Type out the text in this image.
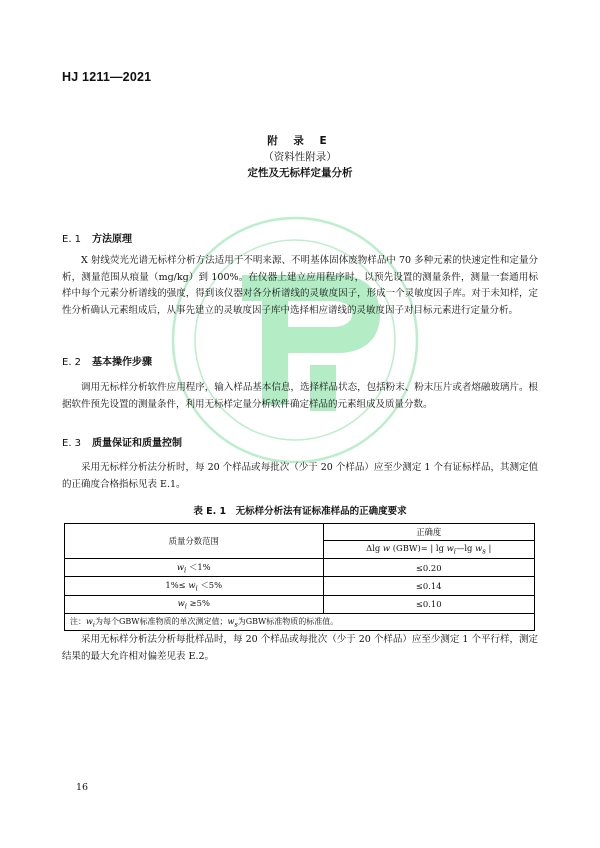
HJ 1211—2021
附 录 E
（资料性附录）
定性及无标样定量分析
E. 1 方法原理

X 射线荧光光谱无标样分析方法适用于不明来源、不明基体固体废物样品中 70 多种元素的快速定性和定量分析，测量范围从痕量（mg/kg）到 100%。在仪器上建立应用程序时，以预先设置的测量条件，测量一套通用标样中每个元素分析谱线的强度，得到该仪器对各分析谱线的灵敏度因子，形成一个灵敏度因子库。对于未知样，定性分析确认元素组成后，从事先建立的灵敏度因子库中选择相应谱线的灵敏度因子对目标元素进行定量分析。

E. 2 基本操作步骤

调用无标样分析软件应用程序，输入样品基本信息，选择样品状态，包括粉末、粉末压片或者熔融玻璃片。根据软件预先设置的测量条件，利用无标样定量分析软件确定样品的元素组成及质量分数。

E. 3 质量保证和质量控制

采用无标样分析法分析时，每 20 个样品或每批次（少于 20 个样品）应至少测定 1 个有证标样品，其测定值的正确度合格指标见表 E.1。

表 E. 1　无标样分析法有证标准样品的正确度要求
质量分数范围	正确度
	Δlg w (GBW)= | $\lg w_i—\lg$ $w_s$ |
$w_i <1\%$	≤0.20
$1\%\le w_i <5\%$	≤0.14
$w_i \ge 5\%$	≤0.10
注：$w_i$为每个GBW标准物质的单次测定值；$w_s$为GBW标准物质的标准值。	

采用无标样分析法分析每批样品时，每 20 个样品或每批次（少于 20 个样品）应至少测定 1 个平行样，测定结果的最大允许相对偏差见表 E.2。

16
